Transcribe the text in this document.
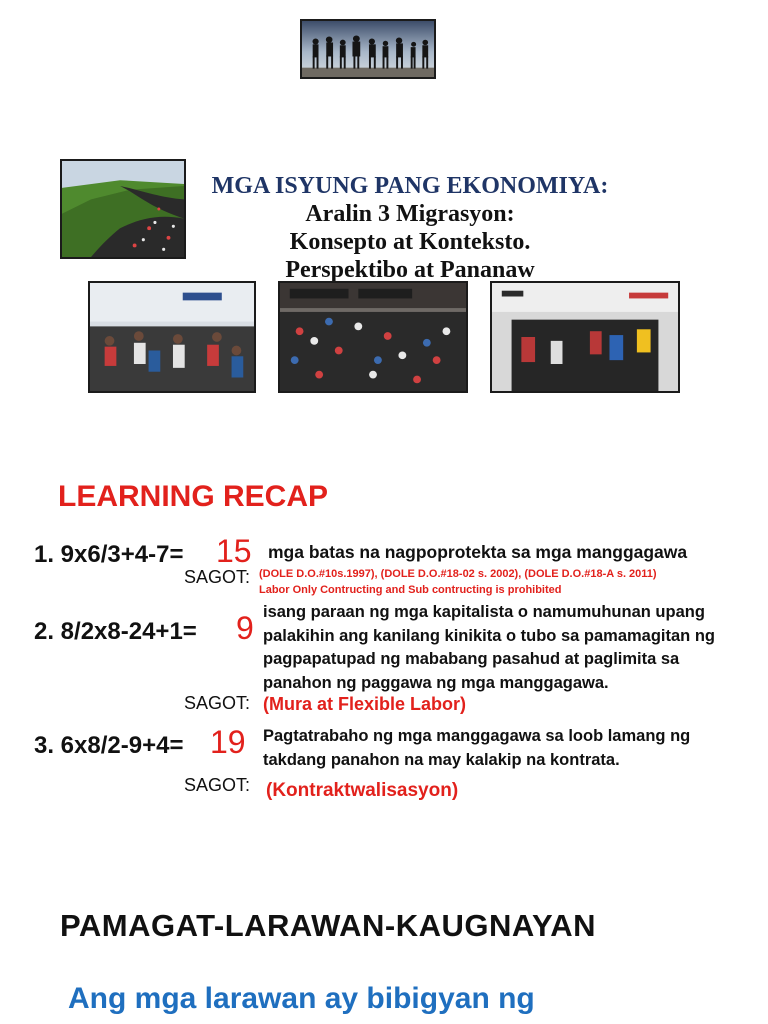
MGA ISYUNG PANG EKONOMIYA:
Aralin 3 Migrasyon:
Konsepto at Konteksto.
Perspektibo at Pananaw
LEARNING RECAP
1. 9x6/3+4-7= 15 mga batas na nagpoprotekta sa mga manggagawa
SAGOT: (DOLE D.O.#10s.1997), (DOLE D.O.#18-02 s. 2002), (DOLE D.O.#18-A s. 2011)
Labor Only Contructing and Sub contructing is prohibited
2. 8/2x8-24+1= 9 isang paraan ng mga kapitalista o namumuhunan upang
palakihin ang kanilang kinikita o tubo sa pamamagitan ng
pagpapatupad ng mababang pasahud at paglimita sa
panahon ng paggawa ng mga manggagawa.
SAGOT: (Mura at Flexible Labor)
3. 6x8/2-9+4= 19 Pagtatrabaho ng mga manggagawa sa loob lamang ng
takdang panahon na may kalakip na kontrata.
SAGOT: (Kontraktwalisasyon)
PAMAGAT-LARAWAN-KAUGNAYAN
Ang mga larawan ay bibigyan ng
